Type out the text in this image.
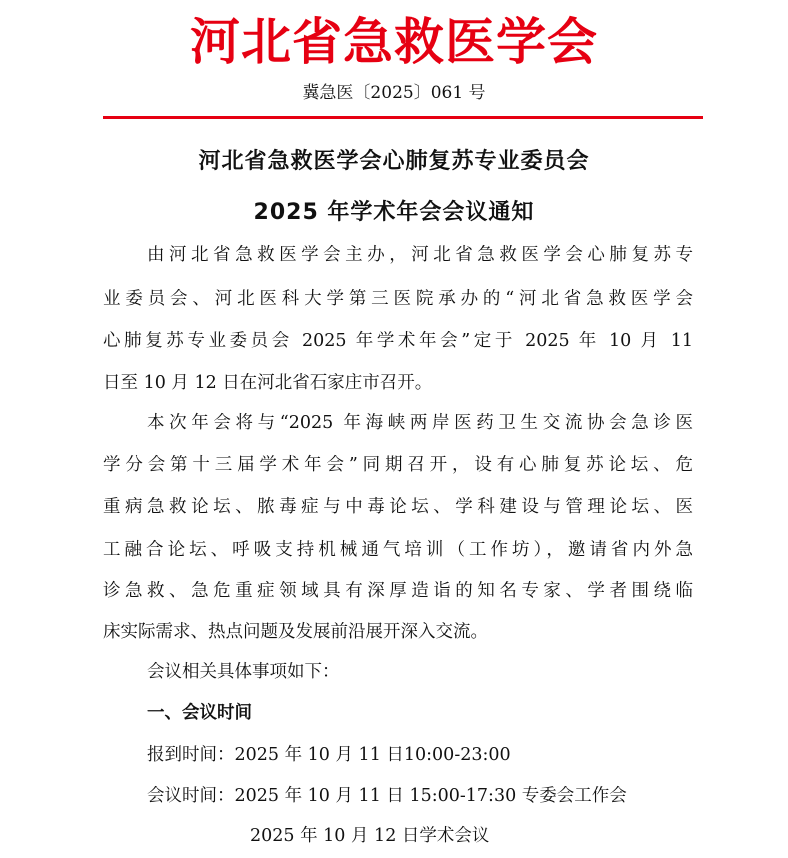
河北省急救医学会
冀急医〔2025〕061 号
河北省急救医学会心肺复苏专业委员会
2025 年学术年会会议通知
由河北省急救医学会主办，河北省急救医学会心肺复苏专
业委员会、河北医科大学第三医院承办的“河北省急救医学会
心肺复苏专业委员会 2025 年学术年会”定于 2025 年 10 月 11
日至 10 月 12 日在河北省石家庄市召开。
本次年会将与“2025 年海峡两岸医药卫生交流协会急诊医
学分会第十三届学术年会”同期召开，设有心肺复苏论坛、危
重病急救论坛、脓毒症与中毒论坛、学科建设与管理论坛、医
工融合论坛、呼吸支持机械通气培训（工作坊），邀请省内外急
诊急救、急危重症领域具有深厚造诣的知名专家、学者围绕临
床实际需求、热点问题及发展前沿展开深入交流。
会议相关具体事项如下：
一、会议时间
报到时间：2025 年 10 月 11 日10:00-23:00
会议时间：2025 年 10 月 11 日 15:00-17:30 专委会工作会
2025 年 10 月 12 日学术会议
